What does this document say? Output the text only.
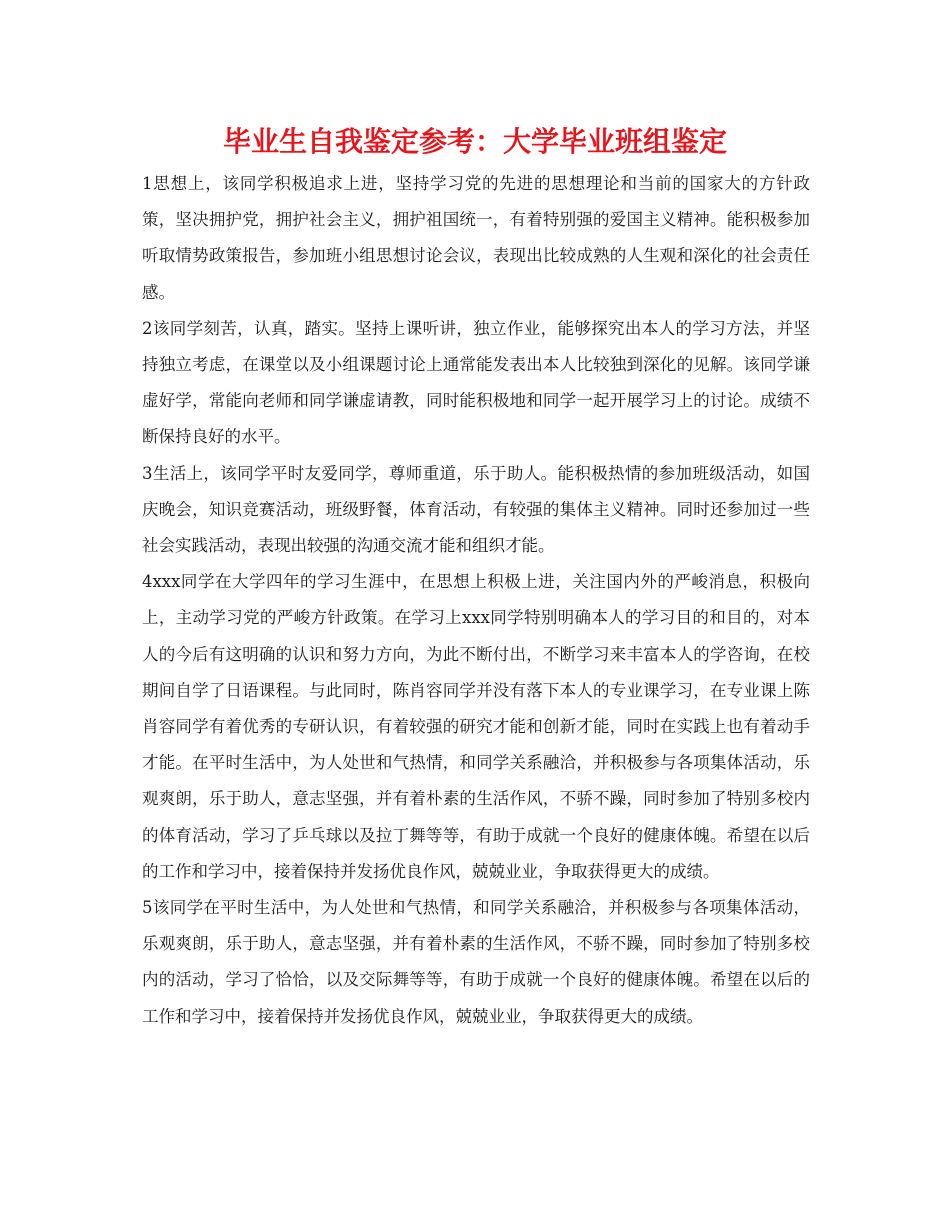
毕业生自我鉴定参考：大学毕业班组鉴定

1思想上，该同学积极追求上进，坚持学习党的先进的思想理论和当前的国家大的方针政策，坚决拥护党，拥护社会主义，拥护祖国统一，有着特别强的爱国主义精神。能积极参加听取情势政策报告，参加班小组思想讨论会议，表现出比较成熟的人生观和深化的社会责任感。

2该同学刻苦，认真，踏实。坚持上课听讲，独立作业，能够探究出本人的学习方法，并坚持独立考虑，在课堂以及小组课题讨论上通常能发表出本人比较独到深化的见解。该同学谦虚好学，常能向老师和同学谦虚请教，同时能积极地和同学一起开展学习上的讨论。成绩不断保持良好的水平。

3生活上，该同学平时友爱同学，尊师重道，乐于助人。能积极热情的参加班级活动，如国庆晚会，知识竞赛活动，班级野餐，体育活动，有较强的集体主义精神。同时还参加过一些社会实践活动，表现出较强的沟通交流才能和组织才能。

4xxx同学在大学四年的学习生涯中，在思想上积极上进，关注国内外的严峻消息，积极向上，主动学习党的严峻方针政策。在学习上xxx同学特别明确本人的学习目的和目的，对本人的今后有这明确的认识和努力方向，为此不断付出，不断学习来丰富本人的学咨询，在校期间自学了日语课程。与此同时，陈肖容同学并没有落下本人的专业课学习，在专业课上陈肖容同学有着优秀的专研认识，有着较强的研究才能和创新才能，同时在实践上也有着动手才能。在平时生活中，为人处世和气热情，和同学关系融洽，并积极参与各项集体活动，乐观爽朗，乐于助人，意志坚强，并有着朴素的生活作风，不骄不躁，同时参加了特别多校内的体育活动，学习了乒乓球以及拉丁舞等等，有助于成就一个良好的健康体魄。希望在以后的工作和学习中，接着保持并发扬优良作风，兢兢业业，争取获得更大的成绩。

5该同学在平时生活中，为人处世和气热情，和同学关系融洽，并积极参与各项集体活动，乐观爽朗，乐于助人，意志坚强，并有着朴素的生活作风，不骄不躁，同时参加了特别多校内的活动，学习了恰恰，以及交际舞等等，有助于成就一个良好的健康体魄。希望在以后的工作和学习中，接着保持并发扬优良作风，兢兢业业，争取获得更大的成绩。
